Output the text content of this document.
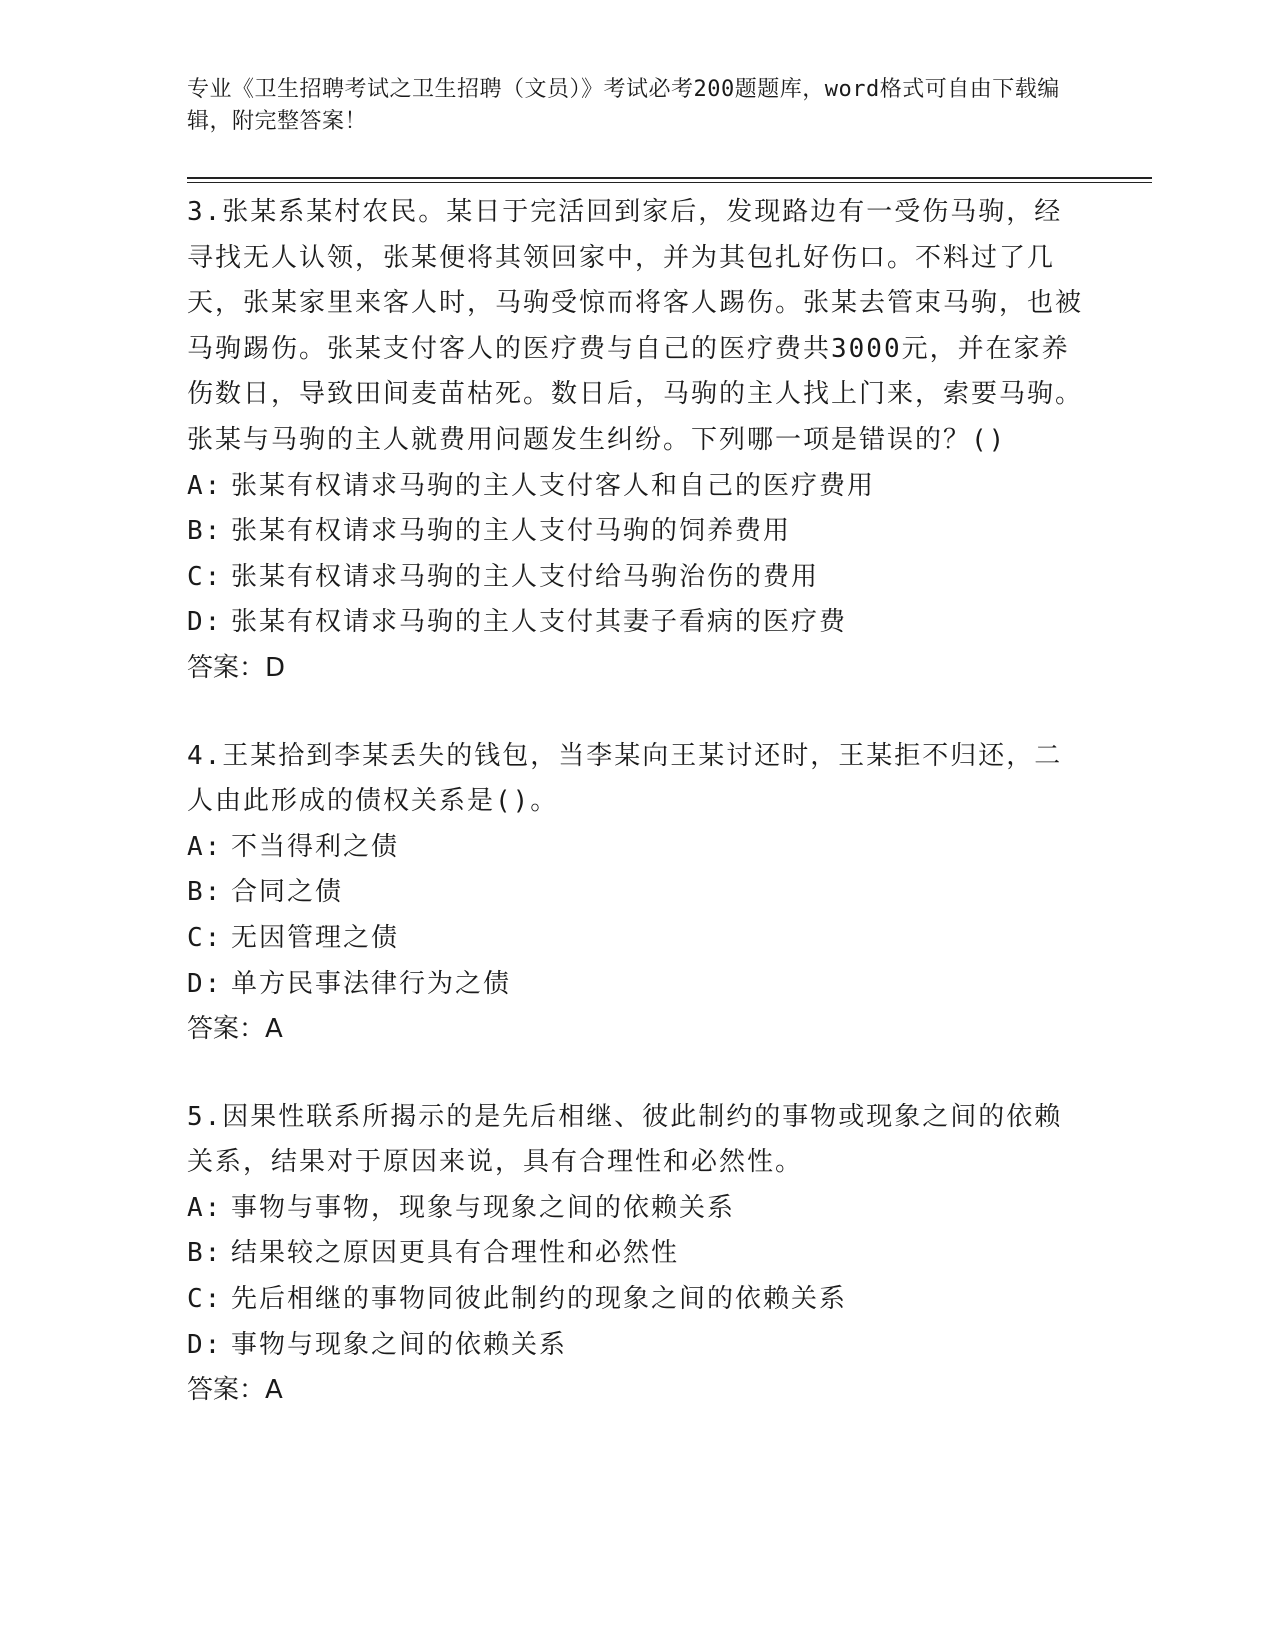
专业《卫生招聘考试之卫生招聘（文员）》考试必考200题题库，word格式可自由下载编辑，附完整答案！

3.张某系某村农民。某日于完活回到家后，发现路边有一受伤马驹，经寻找无人认领，张某便将其领回家中，并为其包扎好伤口。不料过了几天，张某家里来客人时，马驹受惊而将客人踢伤。张某去管束马驹，也被马驹踢伤。张某支付客人的医疗费与自己的医疗费共3000元，并在家养伤数日，导致田间麦苗枯死。数日后，马驹的主人找上门来，索要马驹。张某与马驹的主人就费用问题发生纠纷。下列哪一项是错误的？()

A: 张某有权请求马驹的主人支付客人和自己的医疗费用

B: 张某有权请求马驹的主人支付马驹的饲养费用

C: 张某有权请求马驹的主人支付给马驹治伤的费用

D: 张某有权请求马驹的主人支付其妻子看病的医疗费

答案：D

4.王某拾到李某丢失的钱包，当李某向王某讨还时，王某拒不归还，二人由此形成的债权关系是()。

A: 不当得利之债

B: 合同之债

C: 无因管理之债

D: 单方民事法律行为之债

答案：A

5.因果性联系所揭示的是先后相继、彼此制约的事物或现象之间的依赖关系，结果对于原因来说，具有合理性和必然性。

A: 事物与事物，现象与现象之间的依赖关系

B: 结果较之原因更具有合理性和必然性

C: 先后相继的事物同彼此制约的现象之间的依赖关系

D: 事物与现象之间的依赖关系

答案：A
